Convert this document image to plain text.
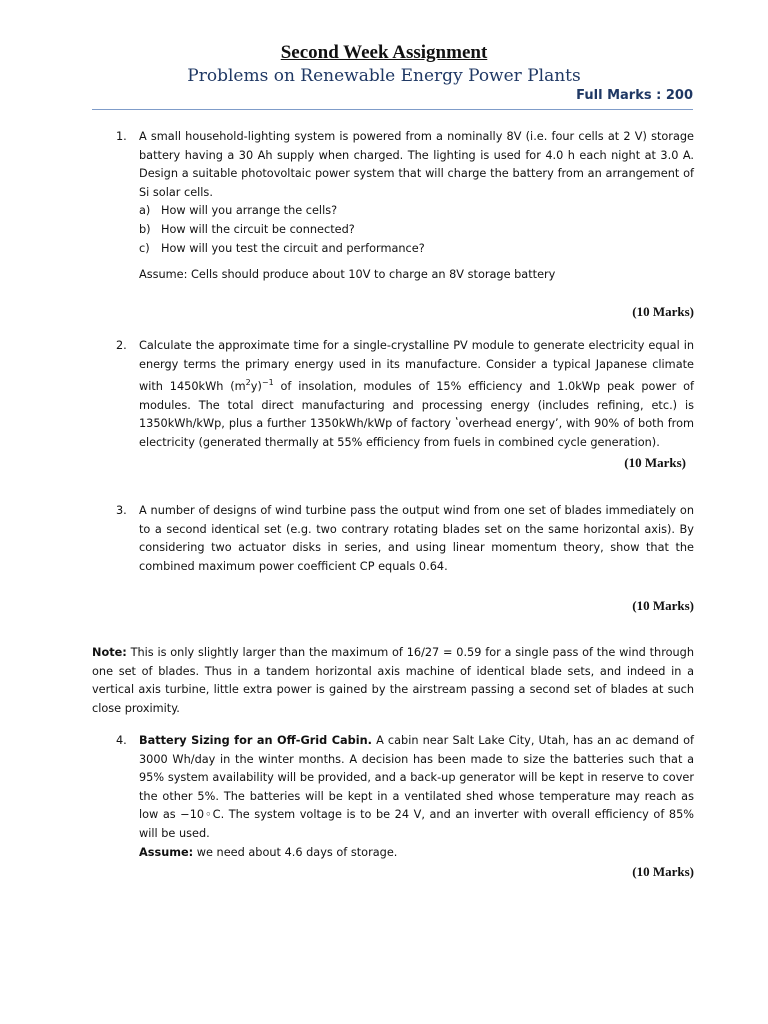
Second Week Assignment
Problems on Renewable Energy Power Plants
Full Marks : 200
1. A small household-lighting system is powered from a nominally 8V (i.e. four cells at 2 V) storage battery having a 30 Ah supply when charged. The lighting is used for 4.0 h each night at 3.0 A. Design a suitable photovoltaic power system that will charge the battery from an arrangement of Si solar cells.
a) How will you arrange the cells?
b) How will the circuit be connected?
c) How will you test the circuit and performance?
Assume: Cells should produce about 10V to charge an 8V storage battery
(10 Marks)
2. Calculate the approximate time for a single-crystalline PV module to generate electricity equal in energy terms the primary energy used in its manufacture. Consider a typical Japanese climate with 1450kWh $(m^2y)^{-1}$ of insolation, modules of 15% efficiency and 1.0kWp peak power of modules. The total direct manufacturing and processing energy (includes refining, etc.) is 1350kWh/kWp, plus a further 1350kWh/kWp of factory ʽoverhead energyʼ, with 90% of both from electricity (generated thermally at 55% efficiency from fuels in combined cycle generation).
(10 Marks)
3. A number of designs of wind turbine pass the output wind from one set of blades immediately on to a second identical set (e.g. two contrary rotating blades set on the same horizontal axis). By considering two actuator disks in series, and using linear momentum theory, show that the combined maximum power coefficient CP equals 0.64.
(10 Marks)
Note: This is only slightly larger than the maximum of 16/27 = 0.59 for a single pass of the wind through one set of blades. Thus in a tandem horizontal axis machine of identical blade sets, and indeed in a vertical axis turbine, little extra power is gained by the airstream passing a second set of blades at such close proximity.
4. Battery Sizing for an Off-Grid Cabin. A cabin near Salt Lake City, Utah, has an ac demand of 3000 Wh/day in the winter months. A decision has been made to size the batteries such that a 95% system availability will be provided, and a back-up generator will be kept in reserve to cover the other 5%. The batteries will be kept in a ventilated shed whose temperature may reach as low as −10◦C. The system voltage is to be 24 V, and an inverter with overall efficiency of 85% will be used.
Assume: we need about 4.6 days of storage.
(10 Marks)
